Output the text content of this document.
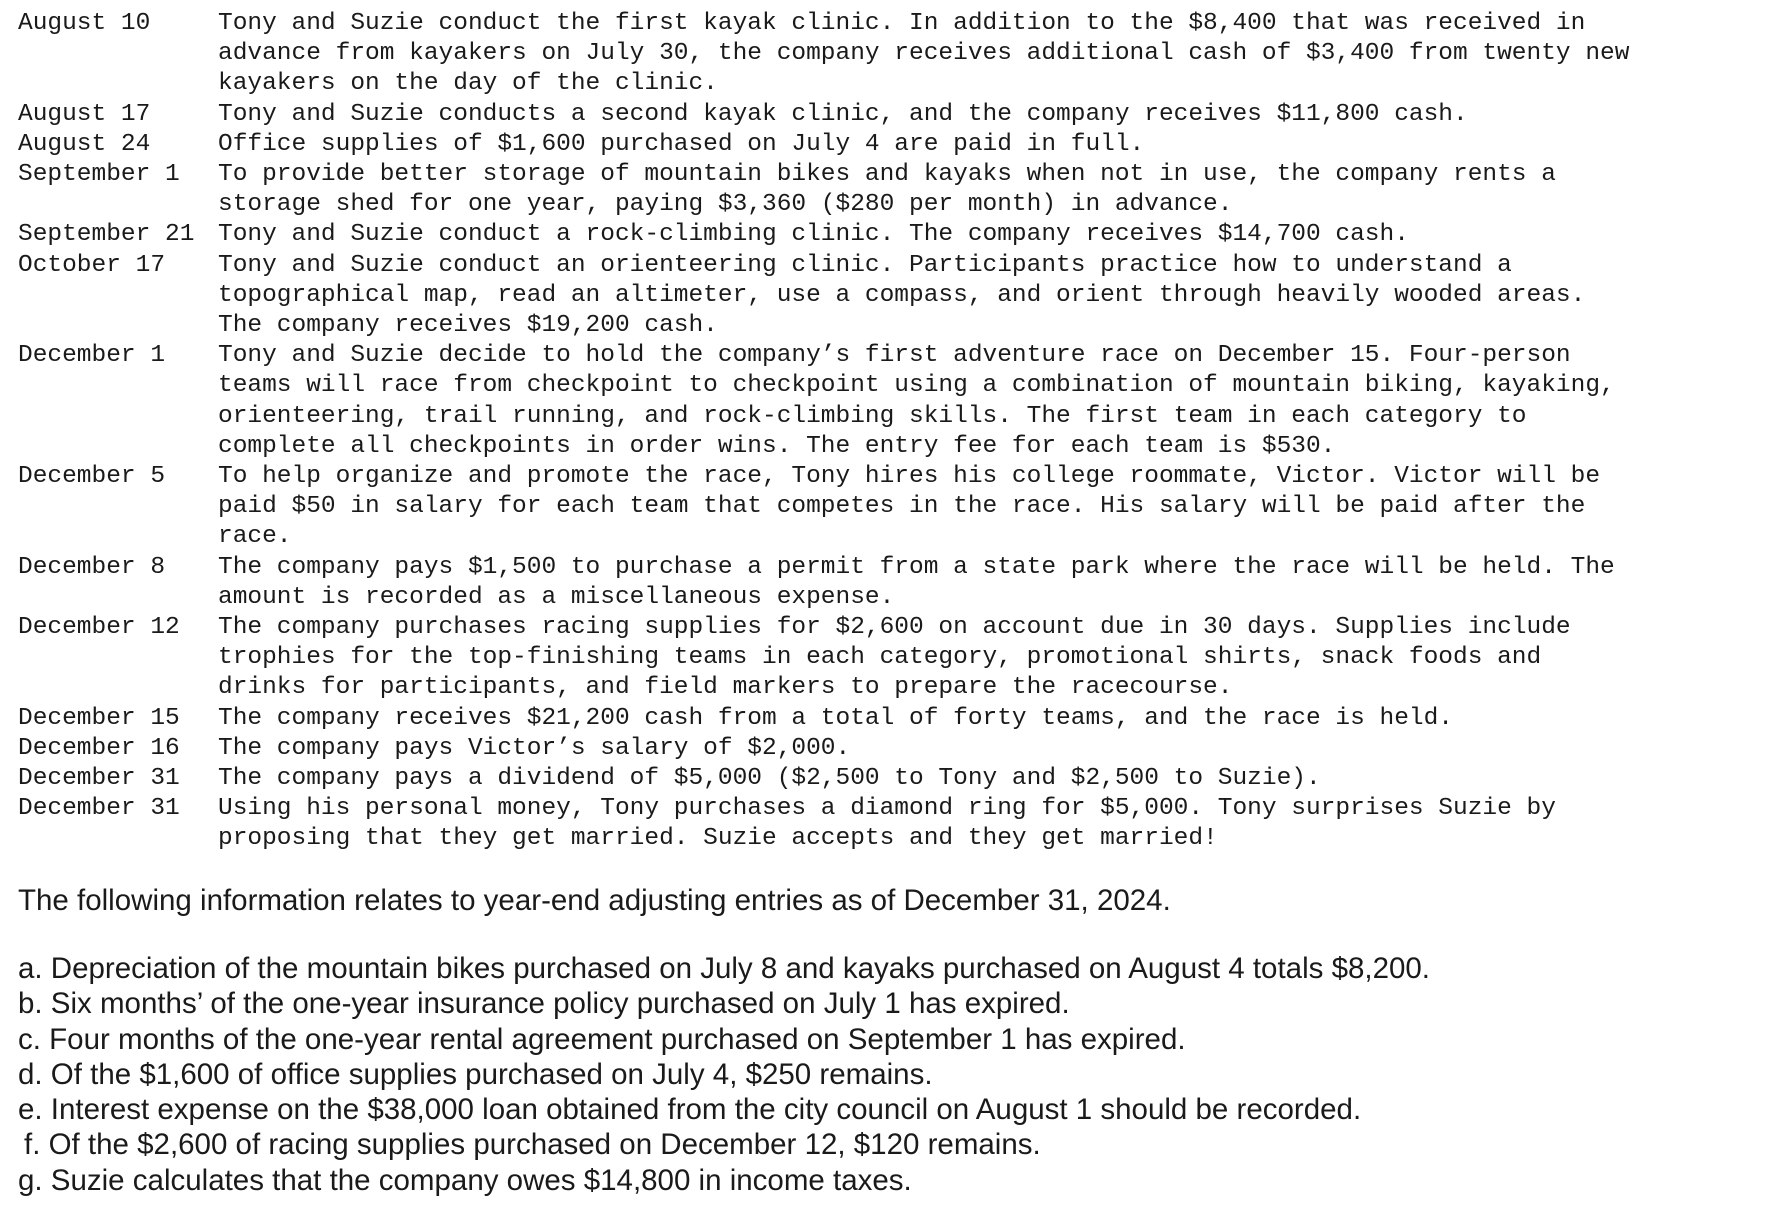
August 10	Tony and Suzie conduct the first kayak clinic. In addition to the $8,400 that was received in
advance from kayakers on July 30, the company receives additional cash of $3,400 from twenty new
kayakers on the day of the clinic.
August 17	Tony and Suzie conducts a second kayak clinic, and the company receives $11,800 cash.
August 24	Office supplies of $1,600 purchased on July 4 are paid in full.
September 1	To provide better storage of mountain bikes and kayaks when not in use, the company rents a
storage shed for one year, paying $3,360 ($280 per month) in advance.
September 21 Tony and Suzie conduct a rock-climbing clinic. The company receives $14,700 cash.
October 17	Tony and Suzie conduct an orienteering clinic. Participants practice how to understand a
topographical map, read an altimeter, use a compass, and orient through heavily wooded areas.
The company receives $19,200 cash.
December 1	Tony and Suzie decide to hold the company’s first adventure race on December 15. Four-person
teams will race from checkpoint to checkpoint using a combination of mountain biking, kayaking,
orienteering, trail running, and rock-climbing skills. The first team in each category to
complete all checkpoints in order wins. The entry fee for each team is $530.
December 5	To help organize and promote the race, Tony hires his college roommate, Victor. Victor will be
paid $50 in salary for each team that competes in the race. His salary will be paid after the
race.
December 8	The company pays $1,500 to purchase a permit from a state park where the race will be held. The
amount is recorded as a miscellaneous expense.
December 12	The company purchases racing supplies for $2,600 on account due in 30 days. Supplies include
trophies for the top-finishing teams in each category, promotional shirts, snack foods and
drinks for participants, and field markers to prepare the racecourse.
December 15	The company receives $21,200 cash from a total of forty teams, and the race is held.
December 16	The company pays Victor’s salary of $2,000.
December 31	The company pays a dividend of $5,000 ($2,500 to Tony and $2,500 to Suzie).
December 31	Using his personal money, Tony purchases a diamond ring for $5,000. Tony surprises Suzie by
proposing that they get married. Suzie accepts and they get married!
The following information relates to year-end adjusting entries as of December 31, 2024.
a. Depreciation of the mountain bikes purchased on July 8 and kayaks purchased on August 4 totals $8,200.
b. Six months’ of the one-year insurance policy purchased on July 1 has expired.
c. Four months of the one-year rental agreement purchased on September 1 has expired.
d. Of the $1,600 of office supplies purchased on July 4, $250 remains.
e. Interest expense on the $38,000 loan obtained from the city council on August 1 should be recorded.
f. Of the $2,600 of racing supplies purchased on December 12, $120 remains.
g. Suzie calculates that the company owes $14,800 in income taxes.
